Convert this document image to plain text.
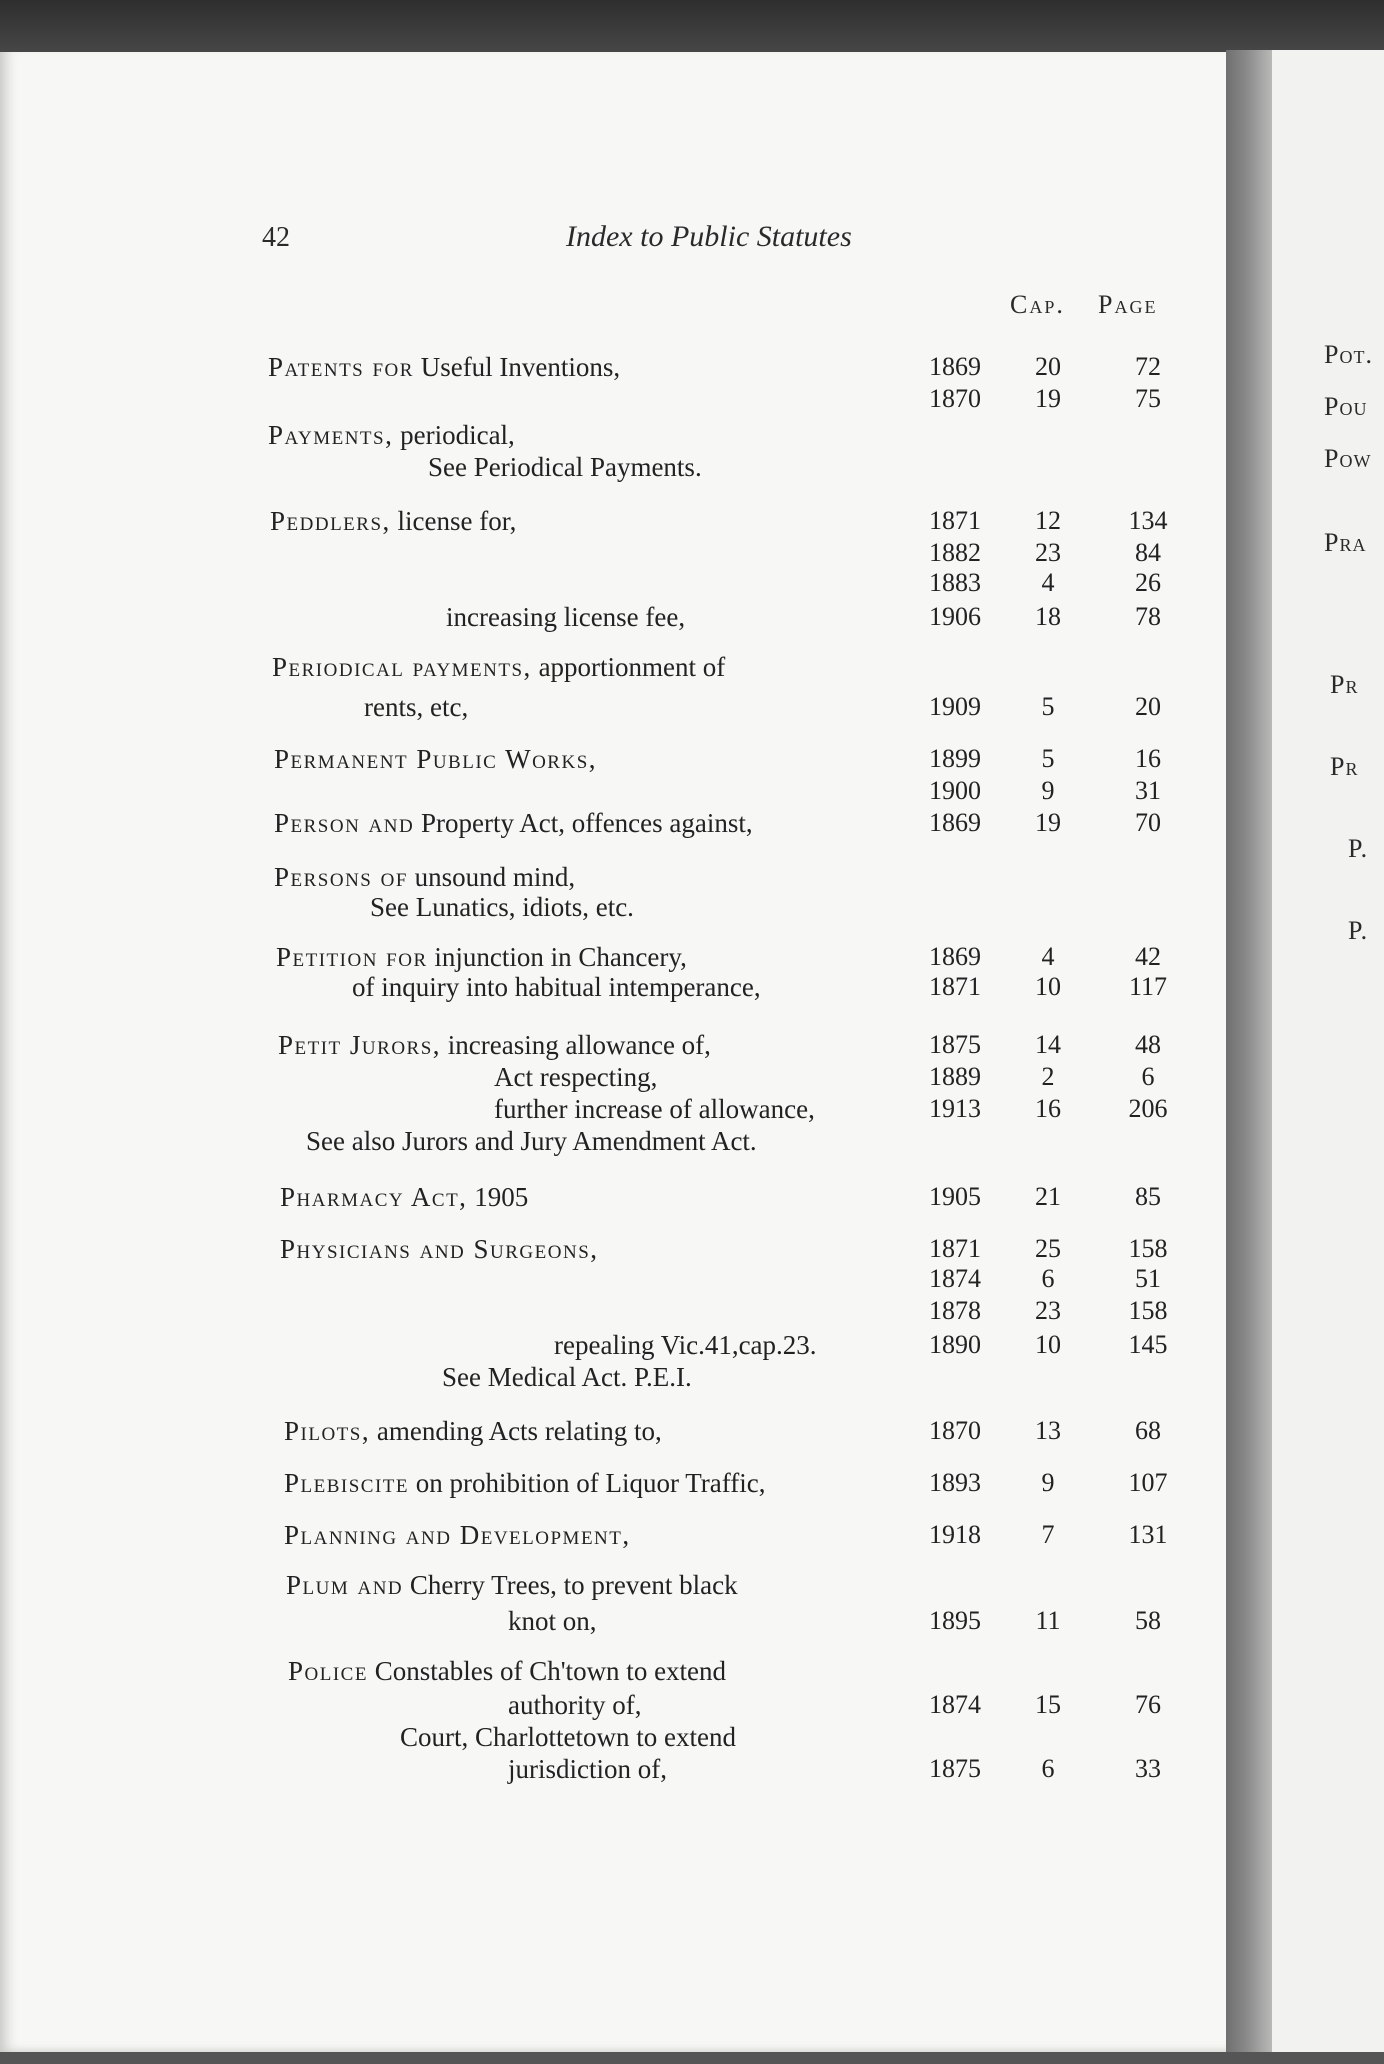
Pot.
Pou
Pow
Pra
Pr
Pr
P.
P.
42	Index to Public Statutes
Cap. Page
Patents for Useful Inventions,	1869	20	72
1870	19	75
Payments, periodical,
See Periodical Payments.
Peddlers, license for,	1871	12	134
1882	23	84
1883	4	26
increasing license fee,	1906	18	78
Periodical payments, apportionment of
rents, etc,	1909	5	20
Permanent Public Works,	1899	5	16
1900	9	31
Person and Property Act, offences against,	1869	19	70
Persons of unsound mind,
See Lunatics, idiots, etc.
Petition for injunction in Chancery,	1869	4	42
of inquiry into habitual intemperance,	1871	10	117
Petit Jurors, increasing allowance of,	1875	14	48
Act respecting,	1889	2	6
further increase of allowance,	1913	16	206
See also Jurors and Jury Amendment Act.
Pharmacy Act, 1905	1905	21	85
Physicians and Surgeons,	1871	25	158
1874	6	51
1878	23	158
repealing Vic.41,cap.23.	1890	10	145
See Medical Act. P.E.I.
Pilots, amending Acts relating to,	1870	13	68
Plebiscite on prohibition of Liquor Traffic,	1893	9	107
Planning and Development,	1918	7	131
Plum and Cherry Trees, to prevent black
knot on,	1895	11	58
Police Constables of Ch'town to extend
authority of,	1874	15	76
Court, Charlottetown to extend
jurisdiction of,	1875	6	33
